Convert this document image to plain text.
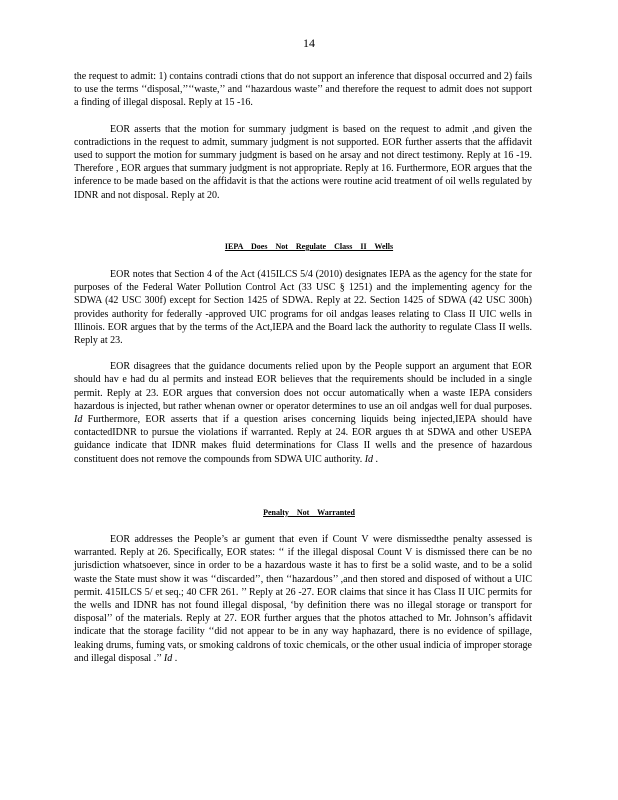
14

the request to admit: 1) contains contradi ctions that do not support an inference that disposal occurred and 2) fails to use the terms ‘‘disposal,’’‘‘waste,’’ and ‘‘hazardous waste’’ and therefore the request to admit does not support a finding of illegal disposal. Reply at 15 -16.

EOR asserts that the motion for summary judgment is based on the request to admit ,and given the contradictions in the request to admit, summary judgment is not supported. EOR further asserts that the affidavit used to support the motion for summary judgment is based on he arsay and not direct testimony. Reply at 16 -19. Therefore , EOR argues that summary judgment is not appropriate. Reply at 16. Furthermore, EOR argues that the inference to be made based on the affidavit is that the actions were routine acid treatment of oil wells regulated by IDNR and not disposal. Reply at 20.

IEPA Does Not Regulate Class II Wells

EOR notes that Section 4 of the Act (415ILCS 5/4 (2010) designates IEPA as the agency for the state for purposes of the Federal Water Pollution Control Act (33 USC § 1251) and the implementing agency for the SDWA (42 USC 300f) except for Section 1425 of SDWA. Reply at 22. Section 1425 of SDWA (42 USC 300h) provides authority for federally -approved UIC programs for oil andgas leases relating to Class II UIC wells in Illinois. EOR argues that by the terms of the Act,IEPA and the Board lack the authority to regulate Class II wells. Reply at 23.

EOR disagrees that the guidance documents relied upon by the People support an argument that EOR should hav e had du al permits and instead EOR believes that the requirements should be included in a single permit. Reply at 23. EOR argues that conversion does not occur automatically when a waste IEPA considers hazardous is injected, but rather whenan owner or operator determines to use an oil andgas well for dual purposes. Id Furthermore, EOR asserts that if a question arises concerning liquids being injected,IEPA should have contactedIDNR to pursue the violations if warranted. Reply at 24. EOR argues th at SDWA and other USEPA guidance indicate that IDNR makes fluid determinations for Class II wells and the presence of hazardous constituent does not remove the compounds from SDWA UIC authority. Id .

Penalty Not Warranted

EOR addresses the People’s ar gument that even if Count V were dismissedthe penalty assessed is warranted. Reply at 26. Specifically, EOR states: ‘‘ if the illegal disposal Count V is dismissed there can be no jurisdiction whatsoever, since in order to be a hazardous waste it has to first be a solid waste, and to be a solid waste the State must show it was ‘‘discarded’’, then ‘‘hazardous’’ ,and then stored and disposed of without a UIC permit. 415ILCS 5/ et seq.; 40 CFR 261. ’’ Reply at 26 -27. EOR claims that since it has Class II UIC permits for the wells and IDNR has not found illegal disposal, ‘by definition there was no illegal storage or transport for disposal’’ of the materials. Reply at 27. EOR further argues that the photos attached to Mr. Johnson’s affidavit indicate that the storage facility ‘‘did not appear to be in any way haphazard, there is no evidence of spillage, leaking drums, fuming vats, or smoking caldrons of toxic chemicals, or the other usual indicia of improper storage and illegal disposal .’’ Id .
